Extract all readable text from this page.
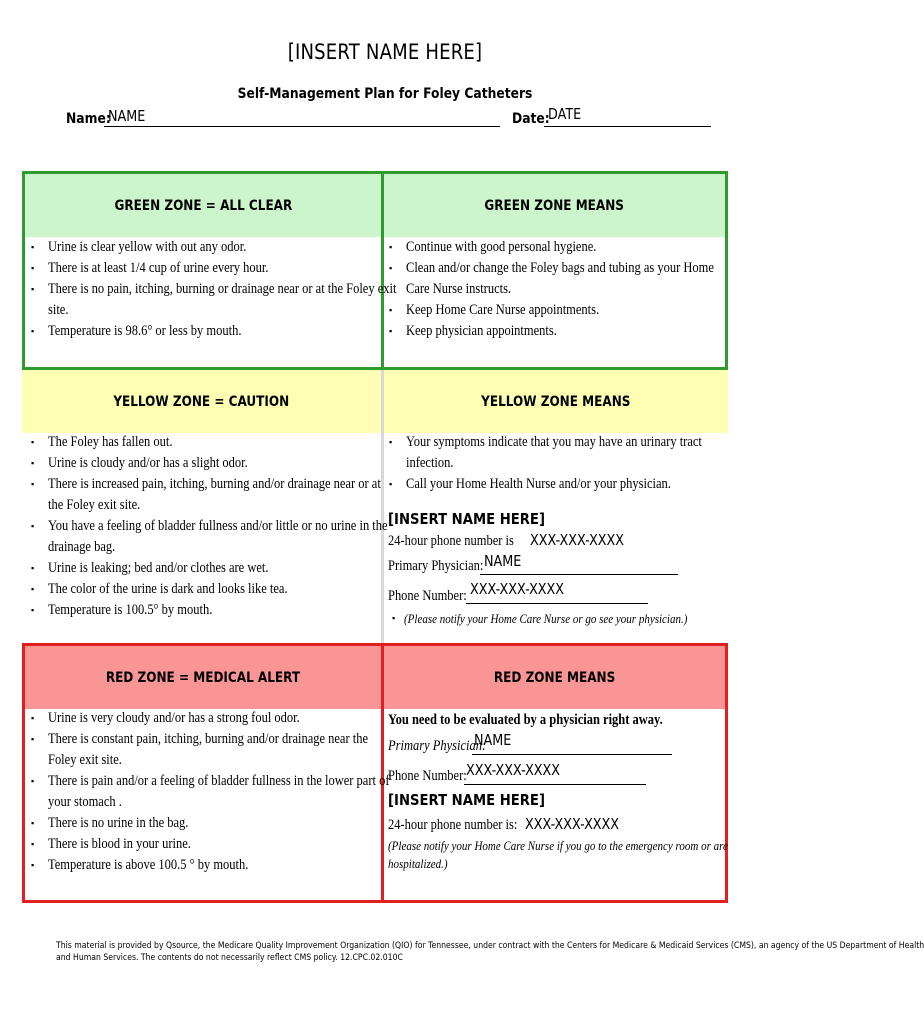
[INSERT NAME HERE]
Self-Management Plan for Foley Catheters
Name:
NAME	Date:
DATE
GREEN ZONE = ALL CLEAR	GREEN ZONE MEANS
▪ Urine is clear yellow with out any odor.
▪ There is at least 1/4 cup of urine every hour.
▪ There is no pain, itching, burning or drainage near or at the Foley exit
site.
▪ Temperature is 98.6° or less by mouth.
▪ Continue with good personal hygiene.
▪ Clean and/or change the Foley bags and tubing as your Home
Care Nurse instructs.
▪ Keep Home Care Nurse appointments.
▪ Keep physician appointments.
YELLOW ZONE = CAUTION	YELLOW ZONE MEANS
▪ The Foley has fallen out.
▪ Urine is cloudy and/or has a slight odor.
▪ There is increased pain, itching, burning and/or drainage near or at
the Foley exit site.
▪ You have a feeling of bladder fullness and/or little or no urine in the
drainage bag.
▪ Urine is leaking; bed and/or clothes are wet.
▪ The color of the urine is dark and looks like tea.
▪ Temperature is 100.5° by mouth.
▪ Your symptoms indicate that you may have an urinary tract
infection.
▪ Call your Home Health Nurse and/or your physician.
[INSERT NAME HERE]
24-hour phone number is XXX-XXX-XXXX
Primary Physician: NAME
Phone Number: XXX-XXX-XXXX
▪ (Please notify your Home Care Nurse or go see your physician.)
RED ZONE = MEDICAL ALERT	RED ZONE MEANS
▪ Urine is very cloudy and/or has a strong foul odor.
▪ There is constant pain, itching, burning and/or drainage near the
Foley exit site.
▪ There is pain and/or a feeling of bladder fullness in the lower part of
your stomach .
▪ There is no urine in the bag.
▪ There is blood in your urine.
▪ Temperature is above 100.5 ° by mouth.
You need to be evaluated by a physician right away.
Primary Physician:
NAME
Phone Number: XXX-XXX-XXXX
[INSERT NAME HERE]
24-hour phone number is: XXX-XXX-XXXX
(Please notify your Home Care Nurse if you go to the emergency room or are
hospitalized.)
This material is provided by Qsource, the Medicare Quality Improvement Organization (QIO) for Tennessee, under contract with the Centers for Medicare & Medicaid Services (CMS), an agency of the US Department of Health
and Human Services. The contents do not necessarily reflect CMS policy. 12.CPC.02.010C
